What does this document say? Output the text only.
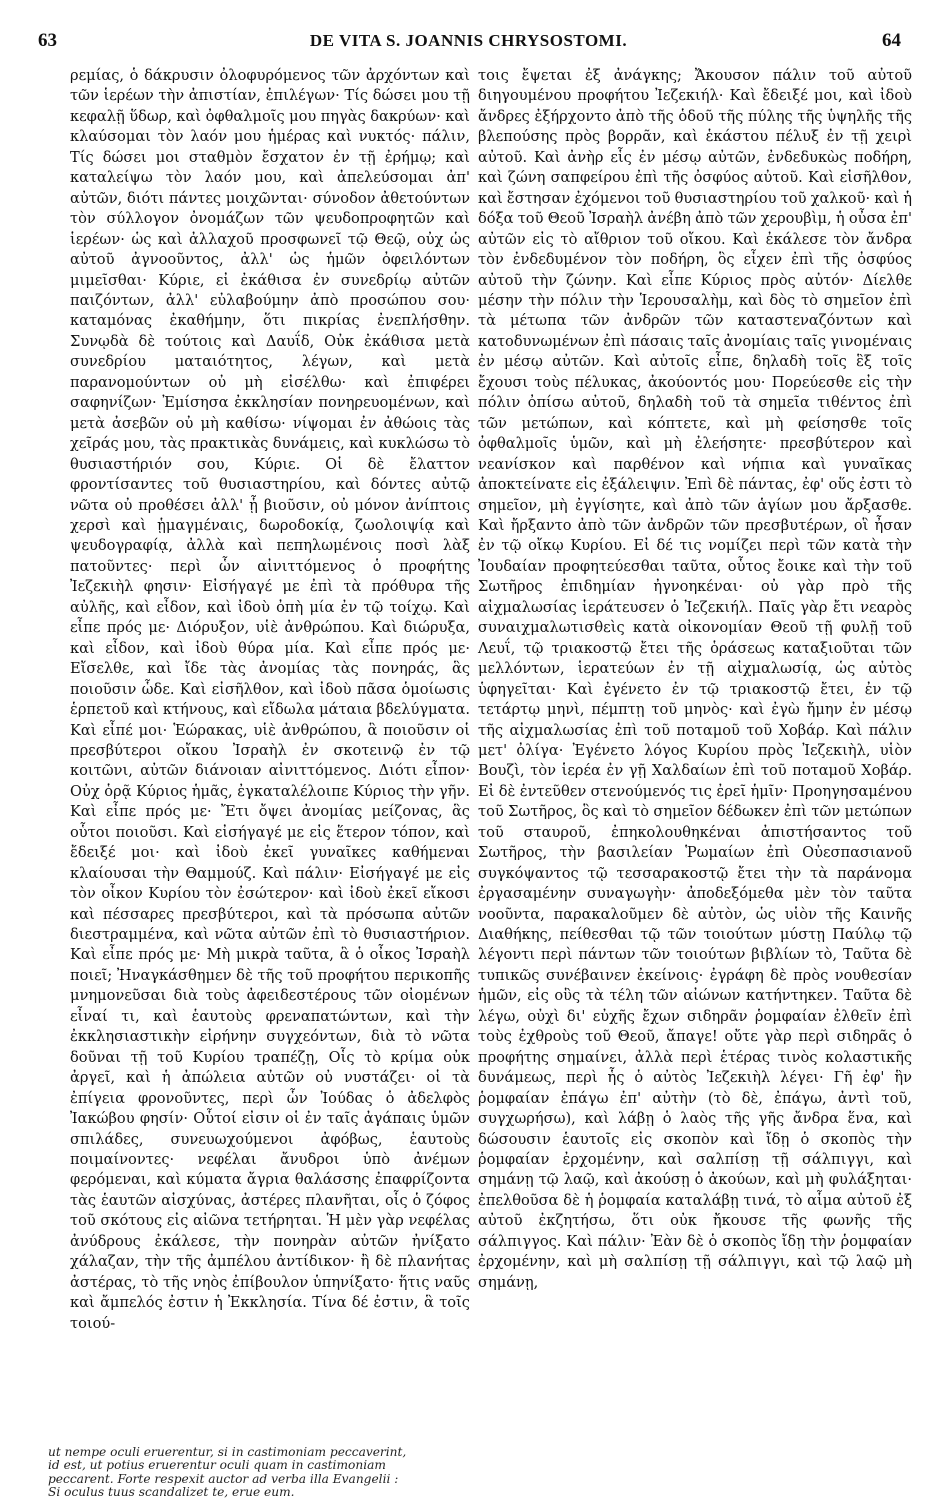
63	DE VITA S. JOANNIS CHRYSOSTOMI.	64

ρεμίας, ὁ δάκρυσιν ὀλοφυρόμενος τῶν ἀρχόντων καὶ τῶν ἱερέων τὴν ἀπιστίαν, ἐπιλέγων· Τίς δώσει μου τῇ κεφαλῇ ὕδωρ, καὶ ὀφθαλμοῖς μου πηγὰς δακρύων· καὶ κλαύσομαι τὸν λαόν μου ἡμέρας καὶ νυκτός· πάλιν, Τίς δώσει μοι σταθμὸν ἔσχατον ἐν τῇ ἐρήμῳ; καὶ καταλείψω τὸν λαόν μου, καὶ ἀπελεύσομαι ἀπ' αὐτῶν, διότι πάντες μοιχῶνται· σύνοδον ἀθετούντων τὸν σύλλογον ὀνομάζων τῶν ψευδοπροφητῶν καὶ ἱερέων· ὡς καὶ ἀλλαχοῦ προσφωνεῖ τῷ Θεῷ, οὐχ ὡς αὐτοῦ ἀγνοοῦντος, ἀλλ' ὡς ἡμῶν ὀφειλόντων μιμεῖσθαι· Κύριε, εἰ ἐκάθισα ἐν συνεδρίῳ αὐτῶν παιζόντων, ἀλλ' εὐλαβούμην ἀπὸ προσώπου σου· καταμόνας ἐκαθήμην, ὅτι πικρίας ἐνεπλήσθην. Συνῳδὰ δὲ τούτοις καὶ Δαυΐδ, Οὐκ ἐκάθισα μετὰ συνεδρίου ματαιότητος, λέγων, καὶ μετὰ παρανομούντων οὐ μὴ εἰσέλθω· καὶ ἐπιφέρει σαφηνίζων· Ἐμίσησα ἐκκλησίαν πονηρευομένων, καὶ μετὰ ἀσεβῶν οὐ μὴ καθίσω· νίψομαι ἐν ἀθώοις τὰς χεῖράς μου, τὰς πρακτικὰς δυνάμεις, καὶ κυκλώσω τὸ θυσιαστήριόν σου, Κύριε. Οἱ δὲ ἔλαττον φροντίσαντες τοῦ θυσιαστηρίου, καὶ δόντες αὐτῷ νῶτα οὐ προθέσει ἀλλ' ᾗ βιοῦσιν, οὐ μόνον ἀνίπτοις χερσὶ καὶ ᾑμαγμέναις, δωροδοκίᾳ, ζωολοιψίᾳ καὶ ψευδογραφίᾳ, ἀλλὰ καὶ πεπηλωμένοις ποσὶ λὰξ πατοῦντες· περὶ ὧν αἰνιττόμενος ὁ προφήτης Ἰεζεκιὴλ φησιν· Εἰσήγαγέ με ἐπὶ τὰ πρόθυρα τῆς αὐλῆς, καὶ εἶδον, καὶ ἰδοὺ ὀπὴ μία ἐν τῷ τοίχῳ. Καὶ εἶπε πρός με· Διόρυξον, υἱὲ ἀνθρώπου. Καὶ διώρυξα, καὶ εἶδον, καὶ ἰδοὺ θύρα μία. Καὶ εἶπε πρός με· Εἴσελθε, καὶ ἴδε τὰς ἀνομίας τὰς πονηράς, ἃς ποιοῦσιν ὧδε. Καὶ εἰσῆλθον, καὶ ἰδοὺ πᾶσα ὁμοίωσις ἑρπετοῦ καὶ κτήνους, καὶ εἴδωλα μάταια βδελύγματα. Καὶ εἶπέ μοι· Ἑώρακας, υἱὲ ἀνθρώπου, ἃ ποιοῦσιν οἱ πρεσβύτεροι οἴκου Ἰσραὴλ ἐν σκοτεινῷ ἐν τῷ κοιτῶνι, αὐτῶν διάνοιαν αἰνιττόμενος. Διότι εἶπον· Οὐχ ὁρᾷ Κύριος ἡμᾶς, ἐγκαταλέλοιπε Κύριος τὴν γῆν. Καὶ εἶπε πρός με· Ἔτι ὄψει ἀνομίας μείζονας, ἃς οὗτοι ποιοῦσι. Καὶ εἰσήγαγέ με εἰς ἕτερον τόπον, καὶ ἔδειξέ μοι· καὶ ἰδοὺ ἐκεῖ γυναῖκες καθήμεναι κλαίουσαι τὴν Θαμμούζ. Καὶ πάλιν· Εἰσήγαγέ με εἰς τὸν οἶκον Κυρίου τὸν ἐσώτερον· καὶ ἰδοὺ ἐκεῖ εἴκοσι καὶ πέσσαρες πρεσβύτεροι, καὶ τὰ πρόσωπα αὐτῶν διεστραμμένα, καὶ νῶτα αὐτῶν ἐπὶ τὸ θυσιαστήριον. Καὶ εἶπε πρός με· Μὴ μικρὰ ταῦτα, ἃ ὁ οἶκος Ἰσραὴλ ποιεῖ; Ἠναγκάσθημεν δὲ τῆς τοῦ προφήτου περικοπῆς μνημονεῦσαι διὰ τοὺς ἀφειδεστέρους τῶν οἰομένων εἶναί τι, καὶ ἑαυτοὺς φρεναπατώντων, καὶ τὴν ἐκκλησιαστικὴν εἰρήνην συγχεόντων, διὰ τὸ νῶτα δοῦναι τῇ τοῦ Κυρίου τραπέζῃ, Οἷς τὸ κρίμα οὐκ ἀργεῖ, καὶ ἡ ἀπώλεια αὐτῶν οὐ νυστάζει· οἱ τὰ ἐπίγεια φρονοῦντες, περὶ ὧν Ἰούδας ὁ ἀδελφὸς Ἰακώβου φησίν· Οὗτοί εἰσιν οἱ ἐν ταῖς ἀγάπαις ὑμῶν σπιλάδες, συνευωχούμενοι ἀφόβως, ἑαυτοὺς ποιμαίνοντες· νεφέλαι ἄνυδροι ὑπὸ ἀνέμων φερόμεναι, καὶ κύματα ἄγρια θαλάσσης ἐπαφρίζοντα τὰς ἑαυτῶν αἰσχύνας, ἀστέρες πλανῆται, οἷς ὁ ζόφος τοῦ σκότους εἰς αἰῶνα τετήρηται. Ἡ μὲν γὰρ νεφέλας ἀνύδρους ἐκάλεσε, τὴν πονηρὰν αὐτῶν ἠνίξατο χάλαζαν, τὴν τῆς ἀμπέλου ἀντίδικον· ἢ δὲ πλανήτας ἀστέρας, τὸ τῆς νηὸς ἐπίβουλον ὑπηνίξατο· ἥτις ναῦς καὶ ἄμπελός ἐστιν ἡ Ἐκκλησία. Τίνα δέ ἐστιν, ἃ τοῖς τοιού-

τοις ἔψεται ἐξ ἀνάγκης; Ἄκουσον πάλιν τοῦ αὐτοῦ διηγουμένου προφήτου Ἰεζεκιήλ· Καὶ ἔδειξέ μοι, καὶ ἰδοὺ ἄνδρες ἐξήρχοντο ἀπὸ τῆς ὁδοῦ τῆς πύλης τῆς ὑψηλῆς τῆς βλεπούσης πρὸς βορρᾶν, καὶ ἑκάστου πέλυξ ἐν τῇ χειρὶ αὐτοῦ. Καὶ ἀνὴρ εἷς ἐν μέσῳ αὐτῶν, ἐνδεδυκὼς ποδήρη, καὶ ζώνη σαπφείρου ἐπὶ τῆς ὀσφύος αὐτοῦ. Καὶ εἰσῆλθον, καὶ ἔστησαν ἐχόμενοι τοῦ θυσιαστηρίου τοῦ χαλκοῦ· καὶ ἡ δόξα τοῦ Θεοῦ Ἰσραὴλ ἀνέβη ἀπὸ τῶν χερουβὶμ, ἡ οὖσα ἐπ' αὐτῶν εἰς τὸ αἴθριον τοῦ οἴκου. Καὶ ἐκάλεσε τὸν ἄνδρα τὸν ἐνδεδυμένον τὸν ποδήρη, ὃς εἶχεν ἐπὶ τῆς ὀσφύος αὐτοῦ τὴν ζώνην. Καὶ εἶπε Κύριος πρὸς αὐτόν· Δίελθε μέσην τὴν πόλιν τὴν Ἱερουσαλὴμ, καὶ δὸς τὸ σημεῖον ἐπὶ τὰ μέτωπα τῶν ἀνδρῶν τῶν καταστεναζόντων καὶ κατοδυνωμένων ἐπὶ πάσαις ταῖς ἀνομίαις ταῖς γινομέναις ἐν μέσῳ αὐτῶν. Καὶ αὐτοῖς εἶπε, δηλαδὴ τοῖς ἓξ τοῖς ἔχουσι τοὺς πέλυκας, ἀκούοντός μου· Πορεύεσθε εἰς τὴν πόλιν ὀπίσω αὐτοῦ, δηλαδὴ τοῦ τὰ σημεῖα τιθέντος ἐπὶ τῶν μετώπων, καὶ κόπτετε, καὶ μὴ φείσησθε τοῖς ὀφθαλμοῖς ὑμῶν, καὶ μὴ ἐλεήσητε· πρεσβύτερον καὶ νεανίσκον καὶ παρθένον καὶ νήπια καὶ γυναῖκας ἀποκτείνατε εἰς ἐξάλειψιν. Ἐπὶ δὲ πάντας, ἐφ' οὕς ἐστι τὸ σημεῖον, μὴ ἐγγίσητε, καὶ ἀπὸ τῶν ἁγίων μου ἄρξασθε. Καὶ ἤρξαντο ἀπὸ τῶν ἀνδρῶν τῶν πρεσβυτέρων, οἳ ἦσαν ἐν τῷ οἴκῳ Κυρίου. Εἰ δέ τις νομίζει περὶ τῶν κατὰ τὴν Ἰουδαίαν προφητεύεσθαι ταῦτα, οὗτος ἔοικε καὶ τὴν τοῦ Σωτῆρος ἐπιδημίαν ἠγνοηκέναι· οὐ γὰρ πρὸ τῆς αἰχμαλωσίας ἱεράτευσεν ὁ Ἰεζεκιήλ. Παῖς γὰρ ἔτι νεαρὸς συναιχμαλωτισθεὶς κατὰ οἰκονομίαν Θεοῦ τῇ φυλῇ τοῦ Λευΐ, τῷ τριακοστῷ ἔτει τῆς ὁράσεως καταξιοῦται τῶν μελλόντων, ἱερατεύων ἐν τῇ αἰχμαλωσίᾳ, ὡς αὐτὸς ὑφηγεῖται· Καὶ ἐγένετο ἐν τῷ τριακοστῷ ἔτει, ἐν τῷ τετάρτῳ μηνὶ, πέμπτῃ τοῦ μηνὸς· καὶ ἐγὼ ἤμην ἐν μέσῳ τῆς αἰχμαλωσίας ἐπὶ τοῦ ποταμοῦ τοῦ Χοβάρ. Καὶ πάλιν μετ' ὀλίγα· Ἐγένετο λόγος Κυρίου πρὸς Ἰεζεκιὴλ, υἱὸν Βουζὶ, τὸν ἱερέα ἐν γῇ Χαλδαίων ἐπὶ τοῦ ποταμοῦ Χοβάρ. Εἰ δὲ ἐντεῦθεν στενούμενός τις ἐρεῖ ἡμῖν· Προηγησαμένου τοῦ Σωτῆρος, ὃς καὶ τὸ σημεῖον δέδωκεν ἐπὶ τῶν μετώπων τοῦ σταυροῦ, ἐπηκολουθηκέναι ἀπιστήσαντος τοῦ Σωτῆρος, τὴν βασιλείαν Ῥωμαίων ἐπὶ Οὐεσπασιανοῦ συγκόψαντος τῷ τεσσαρακοστῷ ἔτει τὴν τὰ παράνομα ἐργασαμένην συναγωγὴν· ἀποδεξόμεθα μὲν τὸν ταῦτα νοοῦντα, παρακαλοῦμεν δὲ αὐτὸν, ὡς υἱὸν τῆς Καινῆς Διαθήκης, πείθεσθαι τῷ τῶν τοιούτων μύστῃ Παύλῳ τῷ λέγοντι περὶ πάντων τῶν τοιούτων βιβλίων τὸ, Ταῦτα δὲ τυπικῶς συνέβαινεν ἐκείνοις· ἐγράφη δὲ πρὸς νουθεσίαν ἡμῶν, εἰς οὓς τὰ τέλη τῶν αἰώνων κατήντηκεν. Ταῦτα δὲ λέγω, οὐχὶ δι' εὐχῆς ἔχων σιδηρᾶν ῥομφαίαν ἐλθεῖν ἐπὶ τοὺς ἐχθροὺς τοῦ Θεοῦ, ἄπαγε! οὔτε γὰρ περὶ σιδηρᾶς ὁ προφήτης σημαίνει, ἀλλὰ περὶ ἑτέρας τινὸς κολαστικῆς δυνάμεως, περὶ ἧς ὁ αὐτὸς Ἰεζεκιὴλ λέγει· Γῆ ἐφ' ἣν ῥομφαίαν ἐπάγω ἐπ' αὐτὴν (τὸ δὲ, ἐπάγω, ἀντὶ τοῦ, συγχωρήσω), καὶ λάβῃ ὁ λαὸς τῆς γῆς ἄνδρα ἕνα, καὶ δώσουσιν ἑαυτοῖς εἰς σκοπὸν καὶ ἴδῃ ὁ σκοπὸς τὴν ῥομφαίαν ἐρχομένην, καὶ σαλπίσῃ τῇ σάλπιγγι, καὶ σημάνῃ τῷ λαῷ, καὶ ἀκούσῃ ὁ ἀκούων, καὶ μὴ φυλάξηται· ἐπελθοῦσα δὲ ἡ ῥομφαία καταλάβῃ τινά, τὸ αἷμα αὐτοῦ ἐξ αὐτοῦ ἐκζητήσω, ὅτι οὐκ ἤκουσε τῆς φωνῆς τῆς σάλπιγγος. Καὶ πάλιν· Ἐὰν δὲ ὁ σκοπὸς ἴδῃ τὴν ῥομφαίαν ἐρχομένην, καὶ μὴ σαλπίσῃ τῇ σάλπιγγι, καὶ τῷ λαῷ μὴ σημάνῃ,

ut nempe oculi eruerentur, si in castimoniam peccaverint,

id est, ut potius eruerentur oculi quam in castimoniam

peccarent. Forte respexit auctor ad verba illa Evangelii :

Si oculus tuus scandalizet te, erue eum.
